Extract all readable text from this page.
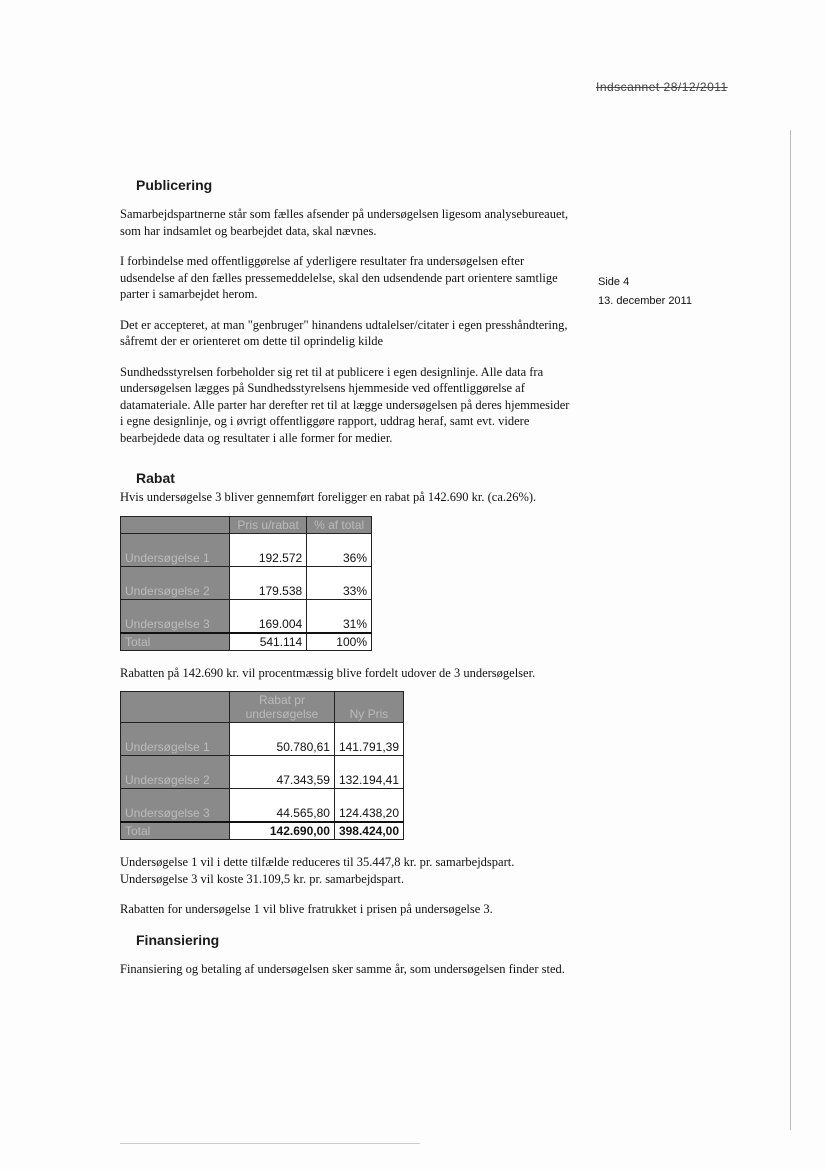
Indscannet 28/12/2011
Side 4
13. december 2011
Publicering

Samarbejdspartnerne står som fælles afsender på undersøgelsen ligesom analysebureauet, som har indsamlet og bearbejdet data, skal nævnes.

I forbindelse med offentliggørelse af yderligere resultater fra undersøgelsen efter udsendelse af den fælles pressemeddelelse, skal den udsendende part orientere samtlige parter i samarbejdet herom.

Det er accepteret, at man "genbruger" hinandens udtalelser/citater i egen presshåndtering, såfremt der er orienteret om dette til oprindelig kilde

Sundhedsstyrelsen forbeholder sig ret til at publicere i egen designlinje. Alle data fra undersøgelsen lægges på Sundhedsstyrelsens hjemmeside ved offentliggørelse af datamateriale. Alle parter har derefter ret til at lægge undersøgelsen på deres hjemmesider i egne designlinje, og i øvrigt offentliggøre rapport, uddrag heraf, samt evt. videre bearbejdede data og resultater i alle former for medier.

Rabat

Hvis undersøgelse 3 bliver gennemført foreligger en rabat på 142.690 kr. (ca.26%).

	Pris u/rabat	% af total
Undersøgelse 1	192.572	36%
Undersøgelse 2	179.538	33%
Undersøgelse 3	169.004	31%
Total	541.114	100%

Rabatten på 142.690 kr. vil procentmæssig blive fordelt udover de 3 undersøgelser.

	Rabat pr undersøgelse	Ny Pris
Undersøgelse 1	50.780,61	141.791,39
Undersøgelse 2	47.343,59	132.194,41
Undersøgelse 3	44.565,80	124.438,20
Total	142.690,00	398.424,00

Undersøgelse 1 vil i dette tilfælde reduceres til 35.447,8 kr. pr. samarbejdspart. Undersøgelse 3 vil koste 31.109,5 kr. pr. samarbejdspart.

Rabatten for undersøgelse 1 vil blive fratrukket i prisen på undersøgelse 3.

Finansiering

Finansiering og betaling af undersøgelsen sker samme år, som undersøgelsen finder sted.
